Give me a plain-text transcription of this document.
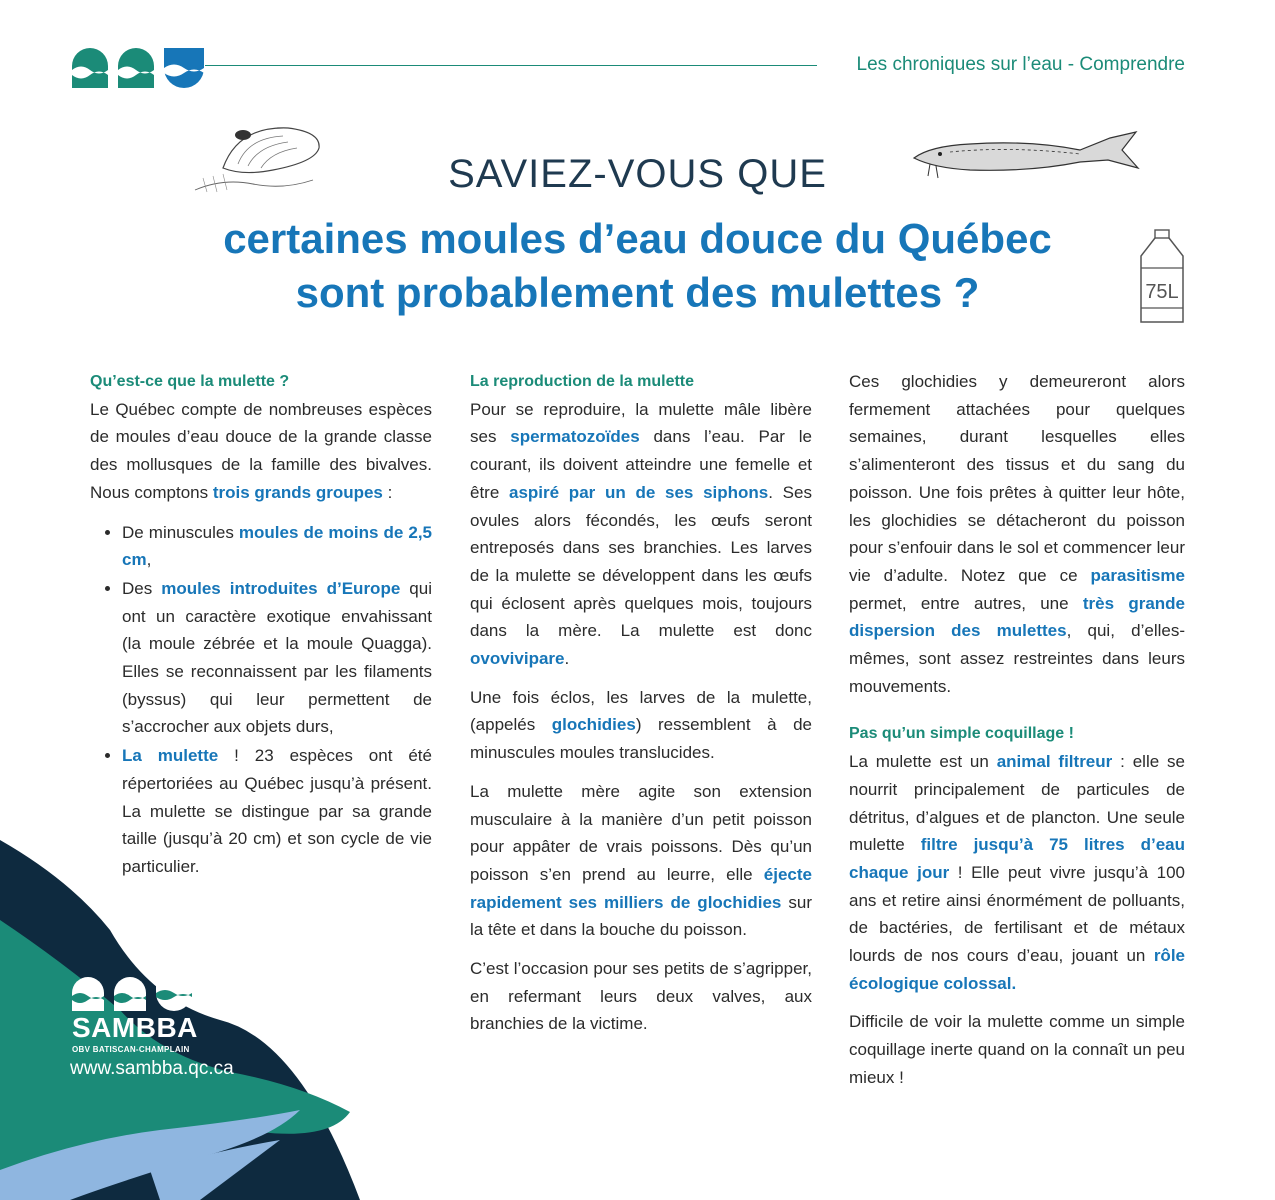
Les chroniques sur l’eau - Comprendre
75L
SAVIEZ-VOUS QUE
certaines moules d’eau douce du Québec
sont probablement des mulettes ?
Qu’est-ce que la mulette ?

Le Québec compte de nombreuses espèces de moules d’eau douce de la grande classe des mollusques de la famille des bivalves. Nous comptons trois grands groupes :

• De minuscules moules de moins de 2,5 cm,
• Des moules introduites d’Europe qui ont un caractère exotique envahissant (la moule zébrée et la moule Quagga). Elles se reconnaissent par les filaments (byssus) qui leur permettent de s’accrocher aux objets durs,
• La mulette ! 23 espèces ont été répertoriées au Québec jusqu’à présent. La mulette se distingue par sa grande taille (jusqu’à 20 cm) et son cycle de vie particulier.
La reproduction de la mulette

Pour se reproduire, la mulette mâle libère ses spermatozoïdes dans l’eau. Par le courant, ils doivent atteindre une femelle et être aspiré par un de ses siphons. Ses ovules alors fécondés, les œufs seront entreposés dans ses branchies. Les larves de la mulette se développent dans les œufs qui éclosent après quelques mois, toujours dans la mère. La mulette est donc ovovivipare.

Une fois éclos, les larves de la mulette, (appelés glochidies) ressemblent à de minuscules moules translucides.

La mulette mère agite son extension musculaire à la manière d’un petit poisson pour appâter de vrais poissons. Dès qu’un poisson s’en prend au leurre, elle éjecte rapidement ses milliers de glochidies sur la tête et dans la bouche du poisson.

C’est l’occasion pour ses petits de s’agripper, en refermant leurs deux valves, aux branchies de la victime.

Ces glochidies y demeureront alors fermement attachées pour quelques semaines, durant lesquelles elles s’alimenteront des tissus et du sang du poisson. Une fois prêtes à quitter leur hôte, les glochidies se détacheront du poisson pour s’enfouir dans le sol et commencer leur vie d’adulte. Notez que ce parasitisme permet, entre autres, une très grande dispersion des mulettes, qui, d’elles-mêmes, sont assez restreintes dans leurs mouvements.

Pas qu’un simple coquillage !

La mulette est un animal filtreur : elle se nourrit principalement de particules de détritus, d’algues et de plancton. Une seule mulette filtre jusqu’à 75 litres d’eau chaque jour ! Elle peut vivre jusqu’à 100 ans et retire ainsi énormément de polluants, de bactéries, de fertilisant et de métaux lourds de nos cours d’eau, jouant un rôle écologique colossal.

Difficile de voir la mulette comme un simple coquillage inerte quand on la connaît un peu mieux !

SAMBBA
OBV BATISCAN-CHAMPLAIN
www.sambba.qc.ca
